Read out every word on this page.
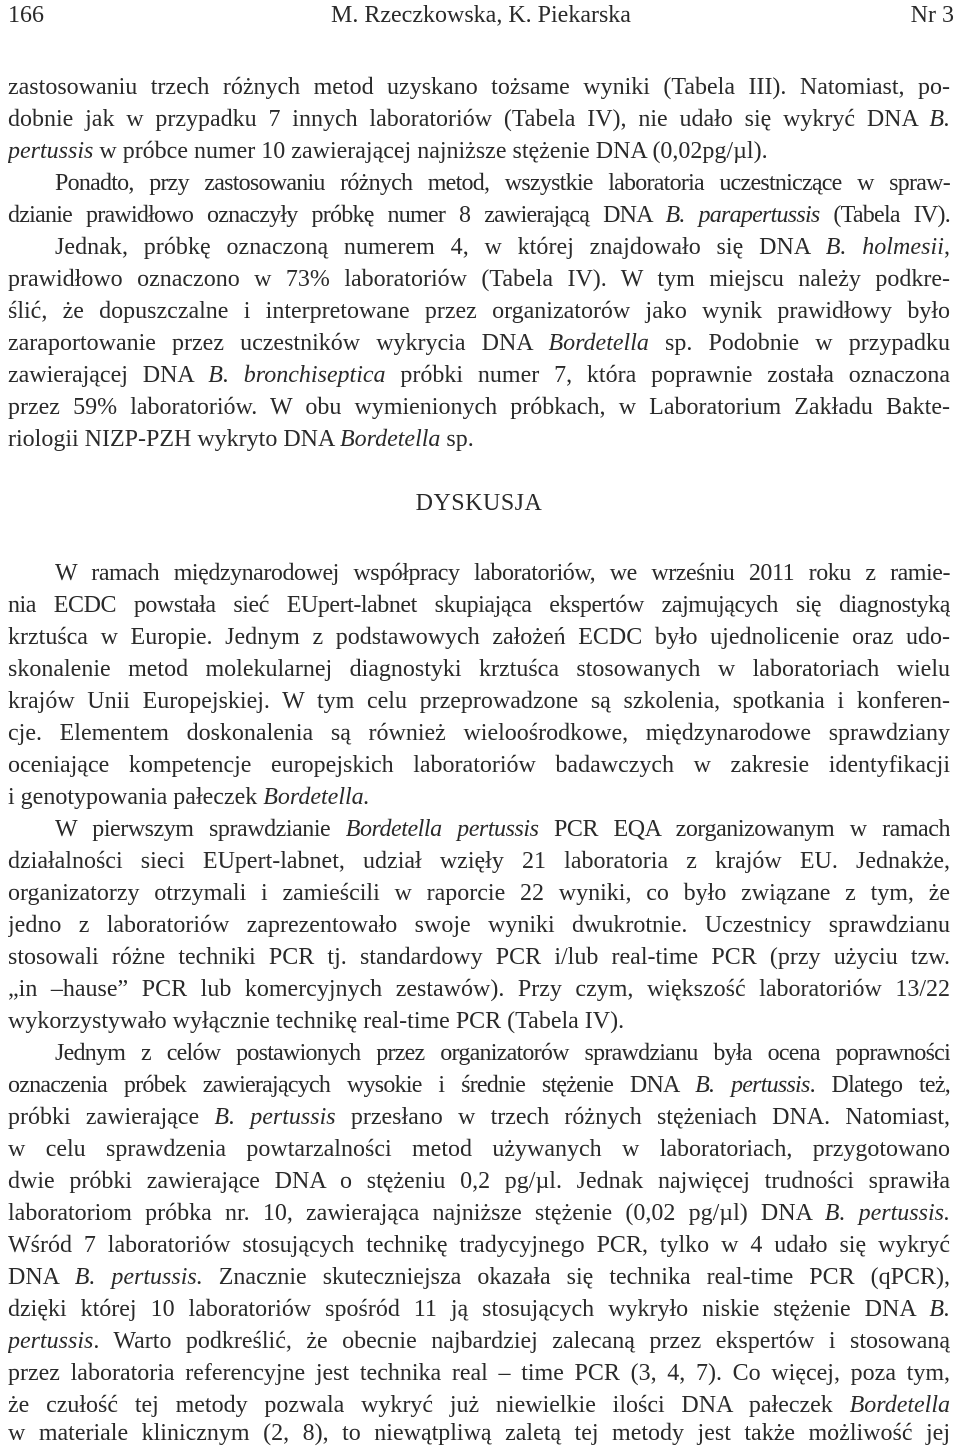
166	M. Rzeczkowska, K. Piekarska	Nr 3
zastosowaniu trzech różnych metod uzyskano tożsame wyniki (Tabela III). Natomiast, po-
dobnie jak w przypadku 7 innych laboratoriów (Tabela IV), nie udało się wykryć DNA B.
pertussis w próbce numer 10 zawierającej najniższe stężenie DNA (0,02pg/µl).
Ponadto, przy zastosowaniu różnych metod, wszystkie laboratoria uczestniczące w spraw-
dzianie prawidłowo oznaczyły próbkę numer 8 zawierającą DNA B. parapertussis (Tabela IV).
Jednak, próbkę oznaczoną numerem 4, w której znajdowało się DNA B. holmesii,
prawidłowo oznaczono w 73% laboratoriów (Tabela IV). W tym miejscu należy podkre-
ślić, że dopuszczalne i interpretowane przez organizatorów jako wynik prawidłowy było
zaraportowanie przez uczestników wykrycia DNA Bordetella sp. Podobnie w przypadku
zawierającej DNA B. bronchiseptica próbki numer 7, która poprawnie została oznaczona
przez 59% laboratoriów. W obu wymienionych próbkach, w Laboratorium Zakładu Bakte-
riologii NIZP-PZH wykryto DNA Bordetella sp.
DYSKUSJA
W ramach międzynarodowej współpracy laboratoriów, we wrześniu 2011 roku z ramie-
nia ECDC powstała sieć EUpert-labnet skupiająca ekspertów zajmujących się diagnostyką
krztuśca w Europie. Jednym z podstawowych założeń ECDC było ujednolicenie oraz udo-
skonalenie metod molekularnej diagnostyki krztuśca stosowanych w laboratoriach wielu
krajów Unii Europejskiej. W tym celu przeprowadzone są szkolenia, spotkania i konferen-
cje. Elementem doskonalenia są również wieloośrodkowe, międzynarodowe sprawdziany
oceniające kompetencje europejskich laboratoriów badawczych w zakresie identyfikacji
i genotypowania pałeczek Bordetella.
W pierwszym sprawdzianie Bordetella pertussis PCR EQA zorganizowanym w ramach
działalności sieci EUpert-labnet, udział wzięły 21 laboratoria z krajów EU. Jednakże,
organizatorzy otrzymali i zamieścili w raporcie 22 wyniki, co było związane z tym, że
jedno z laboratoriów zaprezentowało swoje wyniki dwukrotnie. Uczestnicy sprawdzianu
stosowali różne techniki PCR tj. standardowy PCR i/lub real-time PCR (przy użyciu tzw.
„in –hause” PCR lub komercyjnych zestawów). Przy czym, większość laboratoriów 13/22
wykorzystywało wyłącznie technikę real-time PCR (Tabela IV).
Jednym z celów postawionych przez organizatorów sprawdzianu była ocena poprawności
oznaczenia próbek zawierających wysokie i średnie stężenie DNA B. pertussis. Dlatego też,
próbki zawierające B. pertussis przesłano w trzech różnych stężeniach DNA. Natomiast,
w celu sprawdzenia powtarzalności metod używanych w laboratoriach, przygotowano
dwie próbki zawierające DNA o stężeniu 0,2 pg/µl. Jednak najwięcej trudności sprawiła
laboratoriom próbka nr. 10, zawierająca najniższe stężenie (0,02 pg/µl) DNA B. pertussis.
Wśród 7 laboratoriów stosujących technikę tradycyjnego PCR, tylko w 4 udało się wykryć
DNA B. pertussis. Znacznie skuteczniejsza okazała się technika real-time PCR (qPCR),
dzięki której 10 laboratoriów spośród 11 ją stosujących wykryło niskie stężenie DNA B.
pertussis. Warto podkreślić, że obecnie najbardziej zalecaną przez ekspertów i stosowaną
przez laboratoria referencyjne jest technika real – time PCR (3, 4, 7). Co więcej, poza tym,
że czułość tej metody pozwala wykryć już niewielkie ilości DNA pałeczek Bordetella
w materiale klinicznym (2, 8), to niewątpliwą zaletą tej metody jest także możliwość jej
